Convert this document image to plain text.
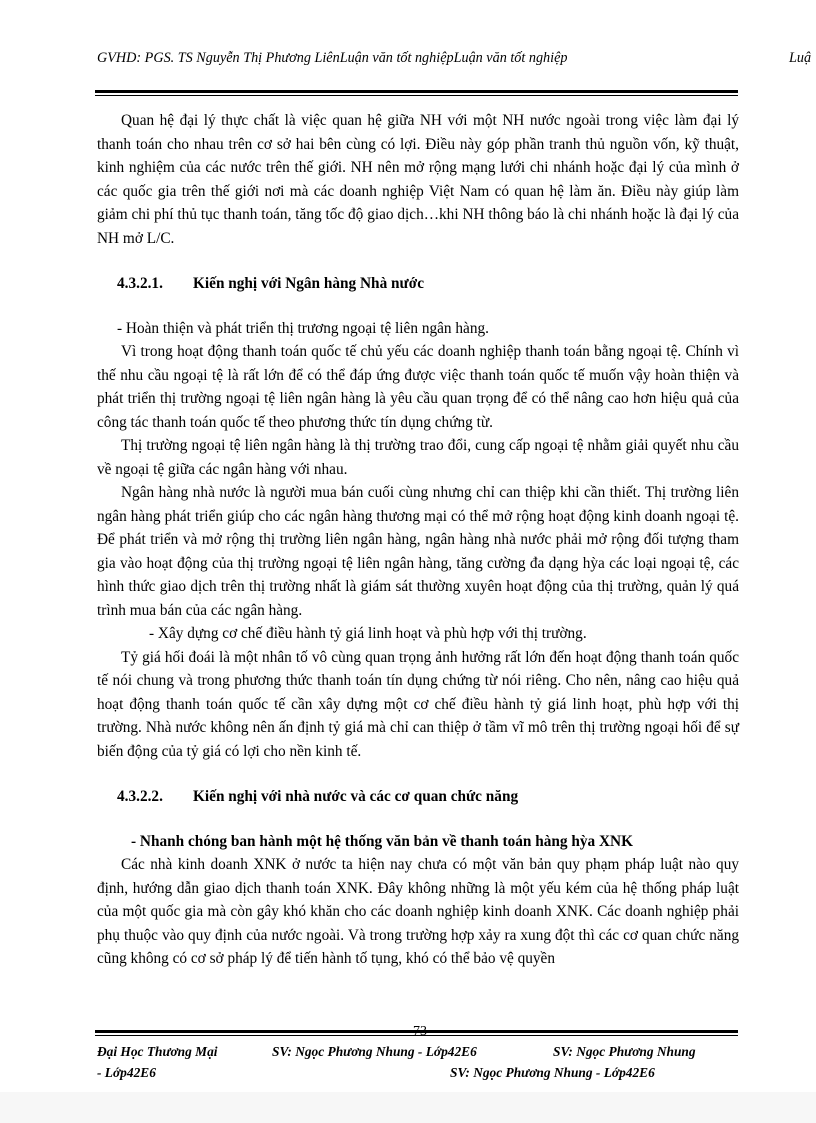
GVHD: PGS. TS Nguyễn Thị Phương LiênLuận văn tốt nghiệpLuận văn tốt nghiệp	Luậ

Quan hệ đại lý thực chất là việc quan hệ giữa NH với một NH nước ngoài trong việc làm đại lý thanh toán cho nhau trên cơ sở hai bên cùng có lợi. Điều này góp phần tranh thủ nguồn vốn, kỹ thuật, kinh nghiệm của các nước trên thế giới. NH nên mở rộng mạng lưới chi nhánh hoặc đại lý của mình ở các quốc gia trên thế giới nơi mà các doanh nghiệp Việt Nam có quan hệ làm ăn. Điều này giúp làm giảm chi phí thủ tục thanh toán, tăng tốc độ giao dịch…khi NH thông báo là chi nhánh hoặc là đại lý của NH mở L/C.

4.3.2.1. Kiến nghị với Ngân hàng Nhà nước

- Hoàn thiện và phát triển thị trương ngoại tệ liên ngân hàng.

Vì trong hoạt động thanh toán quốc tế chủ yếu các doanh nghiệp thanh toán bằng ngoại tệ. Chính vì thế nhu cầu ngoại tệ là rất lớn để có thể đáp ứng được việc thanh toán quốc tế muốn vậy hoàn thiện và phát triển thị trường ngoại tệ liên ngân hàng là yêu cầu quan trọng để có thể nâng cao hơn hiệu quả của công tác thanh toán quốc tế theo phương thức tín dụng chứng từ.

Thị trường ngoại tệ liên ngân hàng là thị trường trao đổi, cung cấp ngoại tệ nhằm giải quyết nhu cầu về ngoại tệ giữa các ngân hàng với nhau.

Ngân hàng nhà nước là người mua bán cuối cùng nhưng chỉ can thiệp khi cần thiết. Thị trường liên ngân hàng phát triển giúp cho các ngân hàng thương mại có thể mở rộng hoạt động kinh doanh ngoại tệ. Để phát triển và mở rộng thị trường liên ngân hàng, ngân hàng nhà nước phải mở rộng đối tượng tham gia vào hoạt động của thị trường ngoại tệ liên ngân hàng, tăng cường đa dạng hỳa các loại ngoại tệ, các hình thức giao dịch trên thị trường nhất là giám sát thường xuyên hoạt động của thị trường, quản lý quá trình mua bán của các ngân hàng.

- Xây dựng cơ chế điều hành tỷ giá linh hoạt và phù hợp với thị trường.

Tỷ giá hối đoái là một nhân tố vô cùng quan trọng ảnh hưởng rất lớn đến hoạt động thanh toán quốc tế nói chung và trong phương thức thanh toán tín dụng chứng từ nói riêng. Cho nên, nâng cao hiệu quả hoạt động thanh toán quốc tế cần xây dựng một cơ chế điều hành tỷ giá linh hoạt, phù hợp với thị trường. Nhà nước không nên ấn định tỷ giá mà chỉ can thiệp ở tầm vĩ mô trên thị trường ngoại hối để sự biến động của tỷ giá có lợi cho nền kinh tế.

4.3.2.2. Kiến nghị với nhà nước và các cơ quan chức năng

- Nhanh chóng ban hành một hệ thống văn bản về thanh toán hàng hỳa XNK

Các nhà kinh doanh XNK ở nước ta hiện nay chưa có một văn bản quy phạm pháp luật nào quy định, hướng dẫn giao dịch thanh toán XNK. Đây không những là một yếu kém của hệ thống pháp luật của một quốc gia mà còn gây khó khăn cho các doanh nghiệp kinh doanh XNK. Các doanh nghiệp phải phụ thuộc vào quy định của nước ngoài. Và trong trường hợp xảy ra xung đột thì các cơ quan chức năng cũng không có cơ sở pháp lý để tiến hành tố tụng, khó có thể bảo vệ quyền

Đại Học Thương Mại	SV: Ngọc Phương Nhung - Lớp42E6	SV: Ngọc Phương Nhung
- Lớp42E6	SV: Ngọc Phương Nhung - Lớp42E6
